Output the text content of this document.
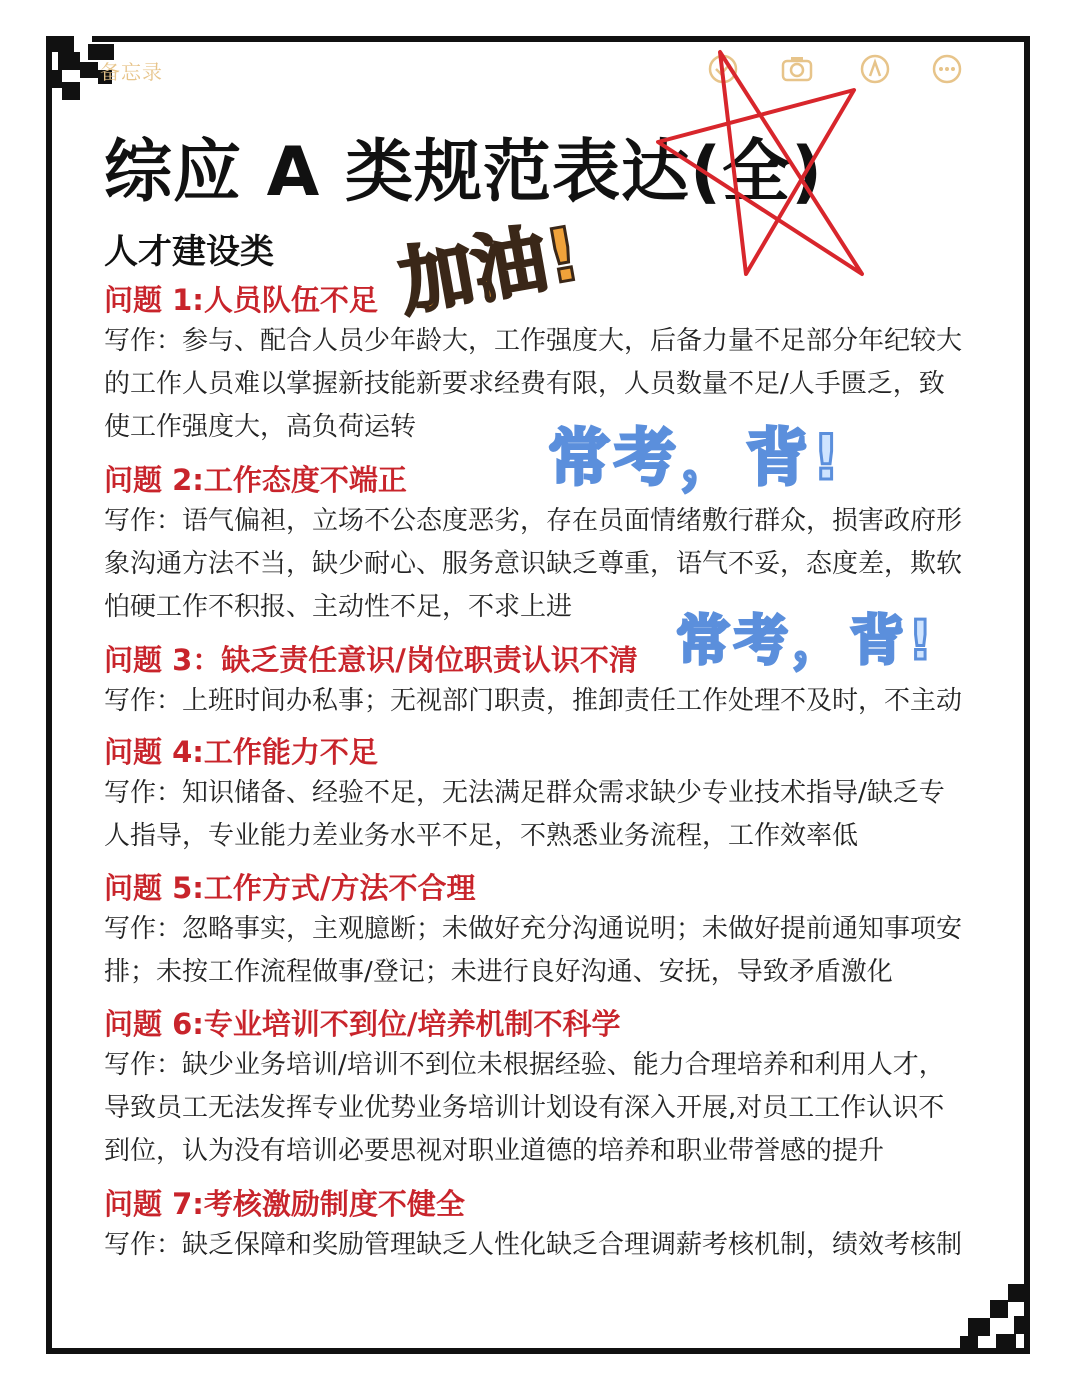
备忘录
综应 A 类规范表达(全)
人才建设类 加油!
常考，背!
常考，背!
问题 1:人员队伍不足
写作：参与、配合人员少年龄大，工作强度大，后备力量不足部分年纪较大
的工作人员难以掌握新技能新要求经费有限，人员数量不足/人手匮乏，致
使工作强度大，高负荷运转
问题 2:工作态度不端正
写作：语气偏袒，立场不公态度恶劣，存在员面情绪敷行群众，损害政府形
象沟通方法不当，缺少耐心、服务意识缺乏尊重，语气不妥，态度差，欺软
怕硬工作不积报、主动性不足，不求上进
问题 3：缺乏责任意识/岗位职责认识不清
写作：上班时间办私事；无视部门职责，推卸责任工作处理不及时，不主动
问题 4:工作能力不足
写作：知识储备、经验不足，无法满足群众需求缺少专业技术指导/缺乏专
人指导，专业能力差业务水平不足，不熟悉业务流程，工作效率低
问题 5:工作方式/方法不合理
写作：忽略事实，主观臆断；未做好充分沟通说明；未做好提前通知事项安
排；未按工作流程做事/登记；未进行良好沟通、安抚，导致矛盾激化
问题 6:专业培训不到位/培养机制不科学
写作：缺少业务培训/培训不到位未根据经验、能力合理培养和利用人才，
导致员工无法发挥专业优势业务培训计划设有深入开展,对员工工作认识不
到位，认为没有培训必要思视对职业道德的培养和职业带誉感的提升
问题 7:考核激励制度不健全
写作：缺乏保障和奖励管理缺乏人性化缺乏合理调薪考核机制，绩效考核制
